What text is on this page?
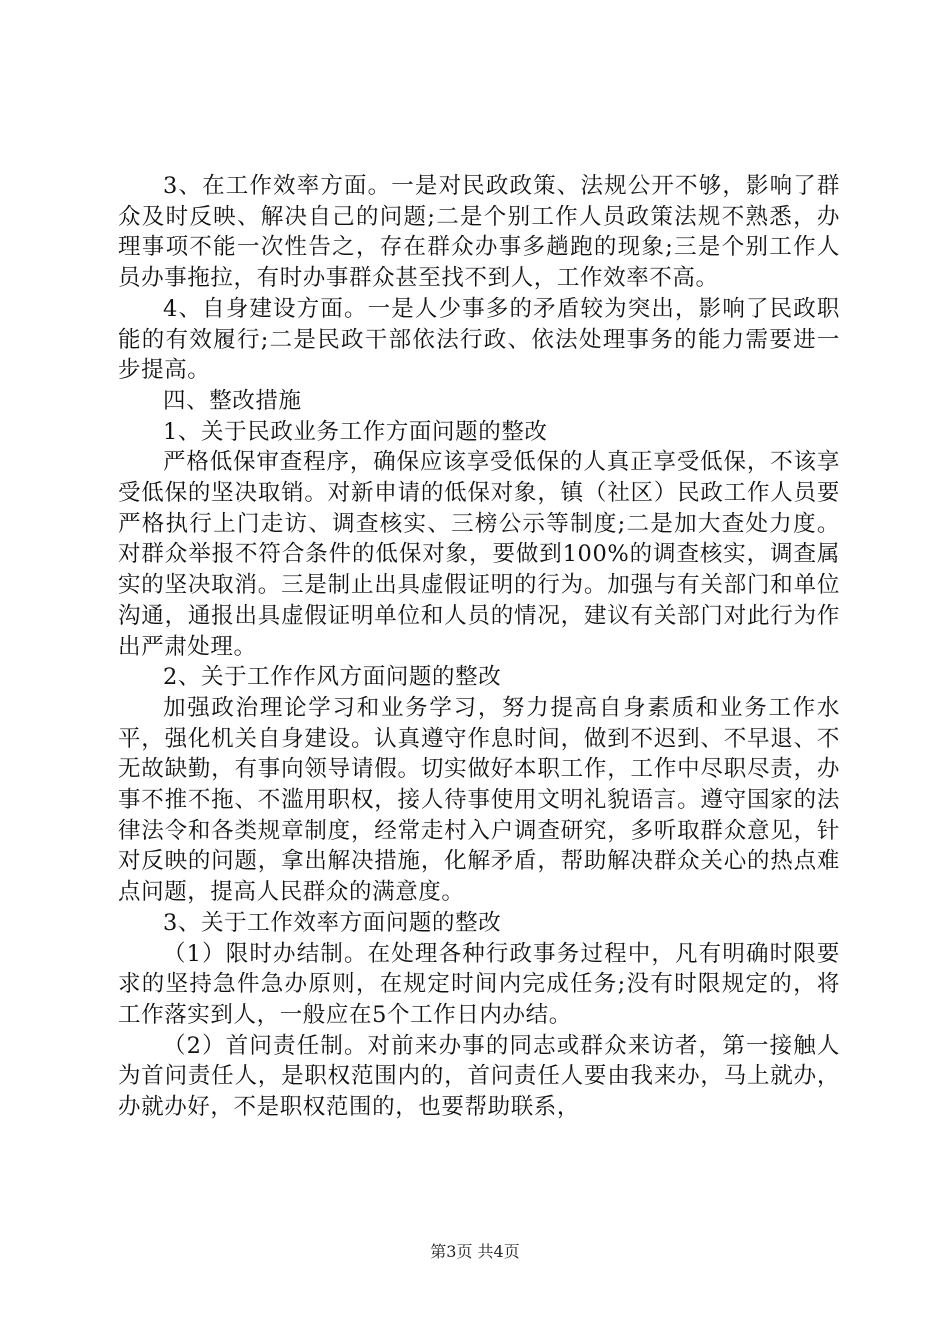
3、在工作效率方面。一是对民政政策、法规公开不够，影响了群众及时反映、解决自己的问题;二是个别工作人员政策法规不熟悉，办理事项不能一次性告之，存在群众办事多趟跑的现象;三是个别工作人员办事拖拉，有时办事群众甚至找不到人，工作效率不高。

4、自身建设方面。一是人少事多的矛盾较为突出，影响了民政职能的有效履行;二是民政干部依法行政、依法处理事务的能力需要进一步提高。

四、整改措施

1、关于民政业务工作方面问题的整改

严格低保审查程序，确保应该享受低保的人真正享受低保，不该享受低保的坚决取销。对新申请的低保对象，镇（社区）民政工作人员要严格执行上门走访、调查核实、三榜公示等制度;二是加大查处力度。对群众举报不符合条件的低保对象，要做到100%的调查核实，调查属实的坚决取消。三是制止出具虚假证明的行为。加强与有关部门和单位沟通，通报出具虚假证明单位和人员的情况，建议有关部门对此行为作出严肃处理。

2、关于工作作风方面问题的整改

加强政治理论学习和业务学习，努力提高自身素质和业务工作水平，强化机关自身建设。认真遵守作息时间，做到不迟到、不早退、不无故缺勤，有事向领导请假。切实做好本职工作，工作中尽职尽责，办事不推不拖、不滥用职权，接人待事使用文明礼貌语言。遵守国家的法律法令和各类规章制度，经常走村入户调查研究，多听取群众意见，针对反映的问题，拿出解决措施，化解矛盾，帮助解决群众关心的热点难点问题，提高人民群众的满意度。

3、关于工作效率方面问题的整改

（1）限时办结制。在处理各种行政事务过程中，凡有明确时限要求的坚持急件急办原则，在规定时间内完成任务;没有时限规定的，将工作落实到人，一般应在5个工作日内办结。

（2）首问责任制。对前来办事的同志或群众来访者，第一接触人为首问责任人，是职权范围内的，首问责任人要由我来办，马上就办，办就办好，不是职权范围的，也要帮助联系，

第3页 共4页
